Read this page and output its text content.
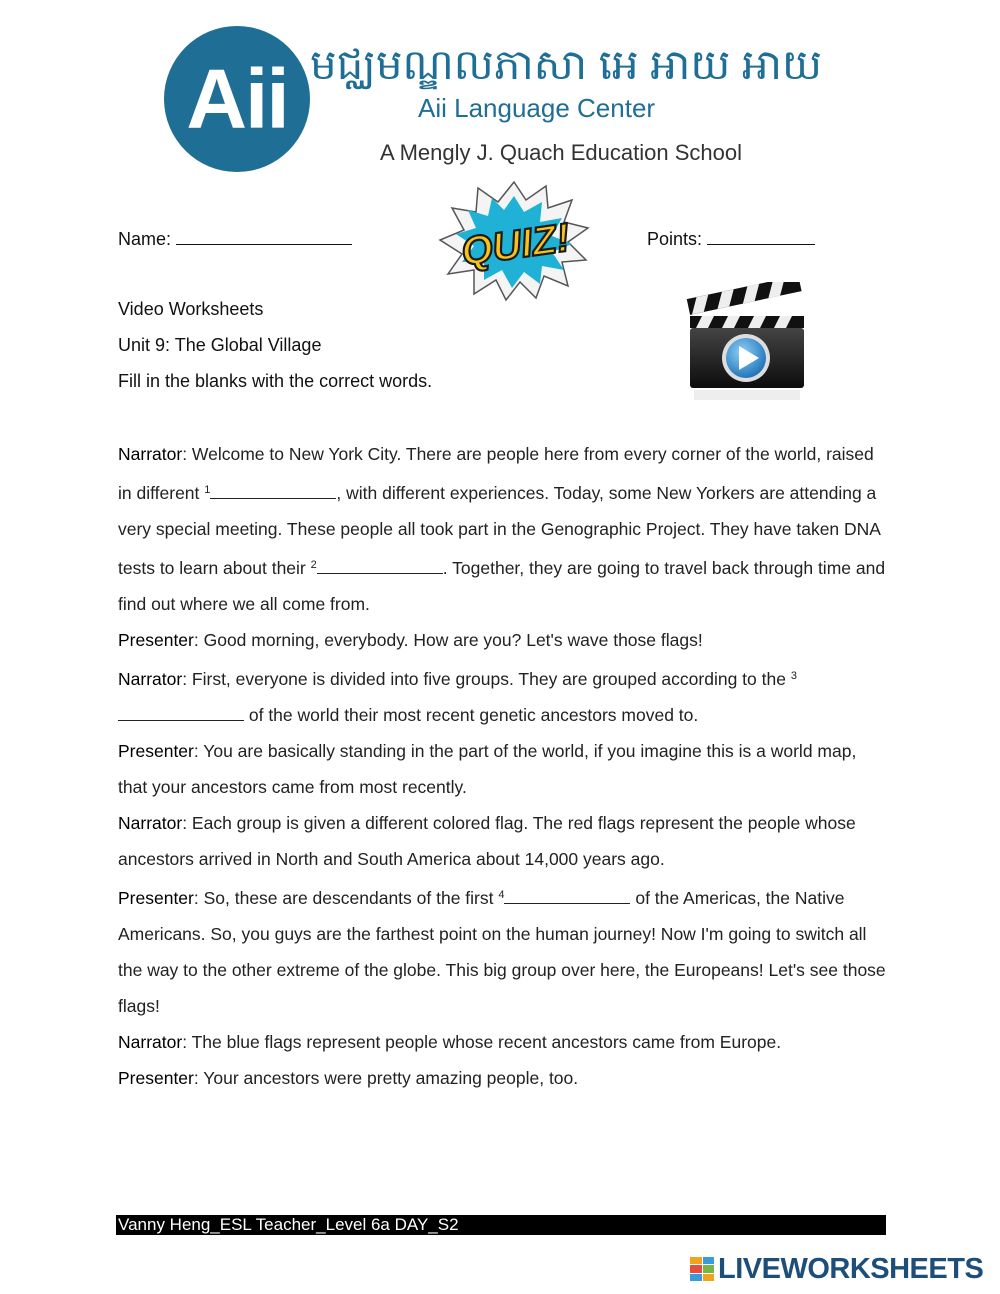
Aii មជ្ឈមណ្ឌលភាសា អេ អាយ អាយ
Aii Language Center
A Mengly J. Quach Education School
Name:	Points:
QUIZ!
Video Worksheets
Unit 9: The Global Village
Fill in the blanks with the correct words.

Narrator: Welcome to New York City. There are people here from every corner of the world, raised in different $^1$	, with different experiences. Today, some New Yorkers are attending a very special meeting. These people all took part in the Genographic Project. They have taken DNA tests to learn about their $^2$	. Together, they are going to travel back through time and find out where we all come from.

Presenter: Good morning, everybody. How are you? Let's wave those flags!

Narrator: First, everyone is divided into five groups. They are grouped according to the $^3$ of the world their most recent genetic ancestors moved to.

Presenter: You are basically standing in the part of the world, if you imagine this is a world map, that your ancestors came from most recently.

Narrator: Each group is given a different colored flag. The red flags represent the people whose ancestors arrived in North and South America about 14,000 years ago.

Presenter: So, these are descendants of the first $^4$	of the Americas, the Native Americans. So, you guys are the farthest point on the human journey! Now I'm going to switch all the way to the other extreme of the globe. This big group over here, the Europeans! Let's see those flags!

Narrator: The blue flags represent people whose recent ancestors came from Europe.

Presenter: Your ancestors were pretty amazing people, too.

Vanny Heng_ESL Teacher_Level 6a DAY_S2
LIVEWORKSHEETS
